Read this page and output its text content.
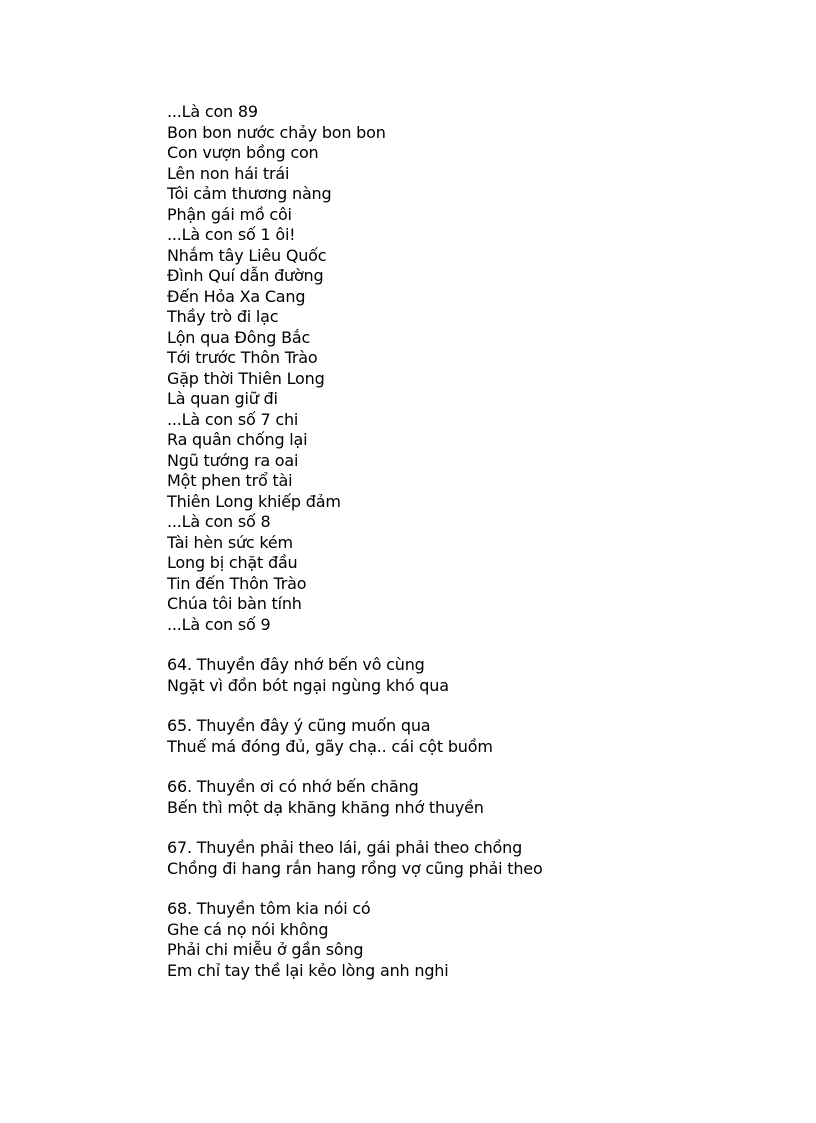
...Là con 89
Bon bon nước chảy bon bon
Con vượn bồng con
Lên non hái trái
Tôi cảm thương nàng
Phận gái mồ côi
...Là con số 1 ôi!
Nhắm tây Liêu Quốc
Đình Quí dẫn đường
Đến Hỏa Xa Cang
Thầy trò đi lạc
Lộn qua Đông Bắc
Tới trước Thôn Trào
Gặp thời Thiên Long
Là quan giữ đi
...Là con số 7 chi
Ra quân chống lại
Ngũ tướng ra oai
Một phen trổ tài
Thiên Long khiếp đảm
...Là con số 8
Tài hèn sức kém
Long bị chặt đầu
Tin đến Thôn Trào
Chúa tôi bàn tính
...Là con số 9
64. Thuyền đây nhớ bến vô cùng
Ngặt vì đồn bót ngại ngùng khó qua
65. Thuyền đây ý cũng muốn qua
Thuế má đóng đủ, gãy chạ.. cái cột buồm
66. Thuyền ơi có nhớ bến chăng
Bến thì một dạ khăng khăng nhớ thuyền
67. Thuyền phải theo lái, gái phải theo chồng
Chồng đi hang rắn hang rồng vợ cũng phải theo
68. Thuyền tôm kia nói có
Ghe cá nọ nói không
Phải chi miễu ở gần sông
Em chỉ tay thề lại kẻo lòng anh nghi
